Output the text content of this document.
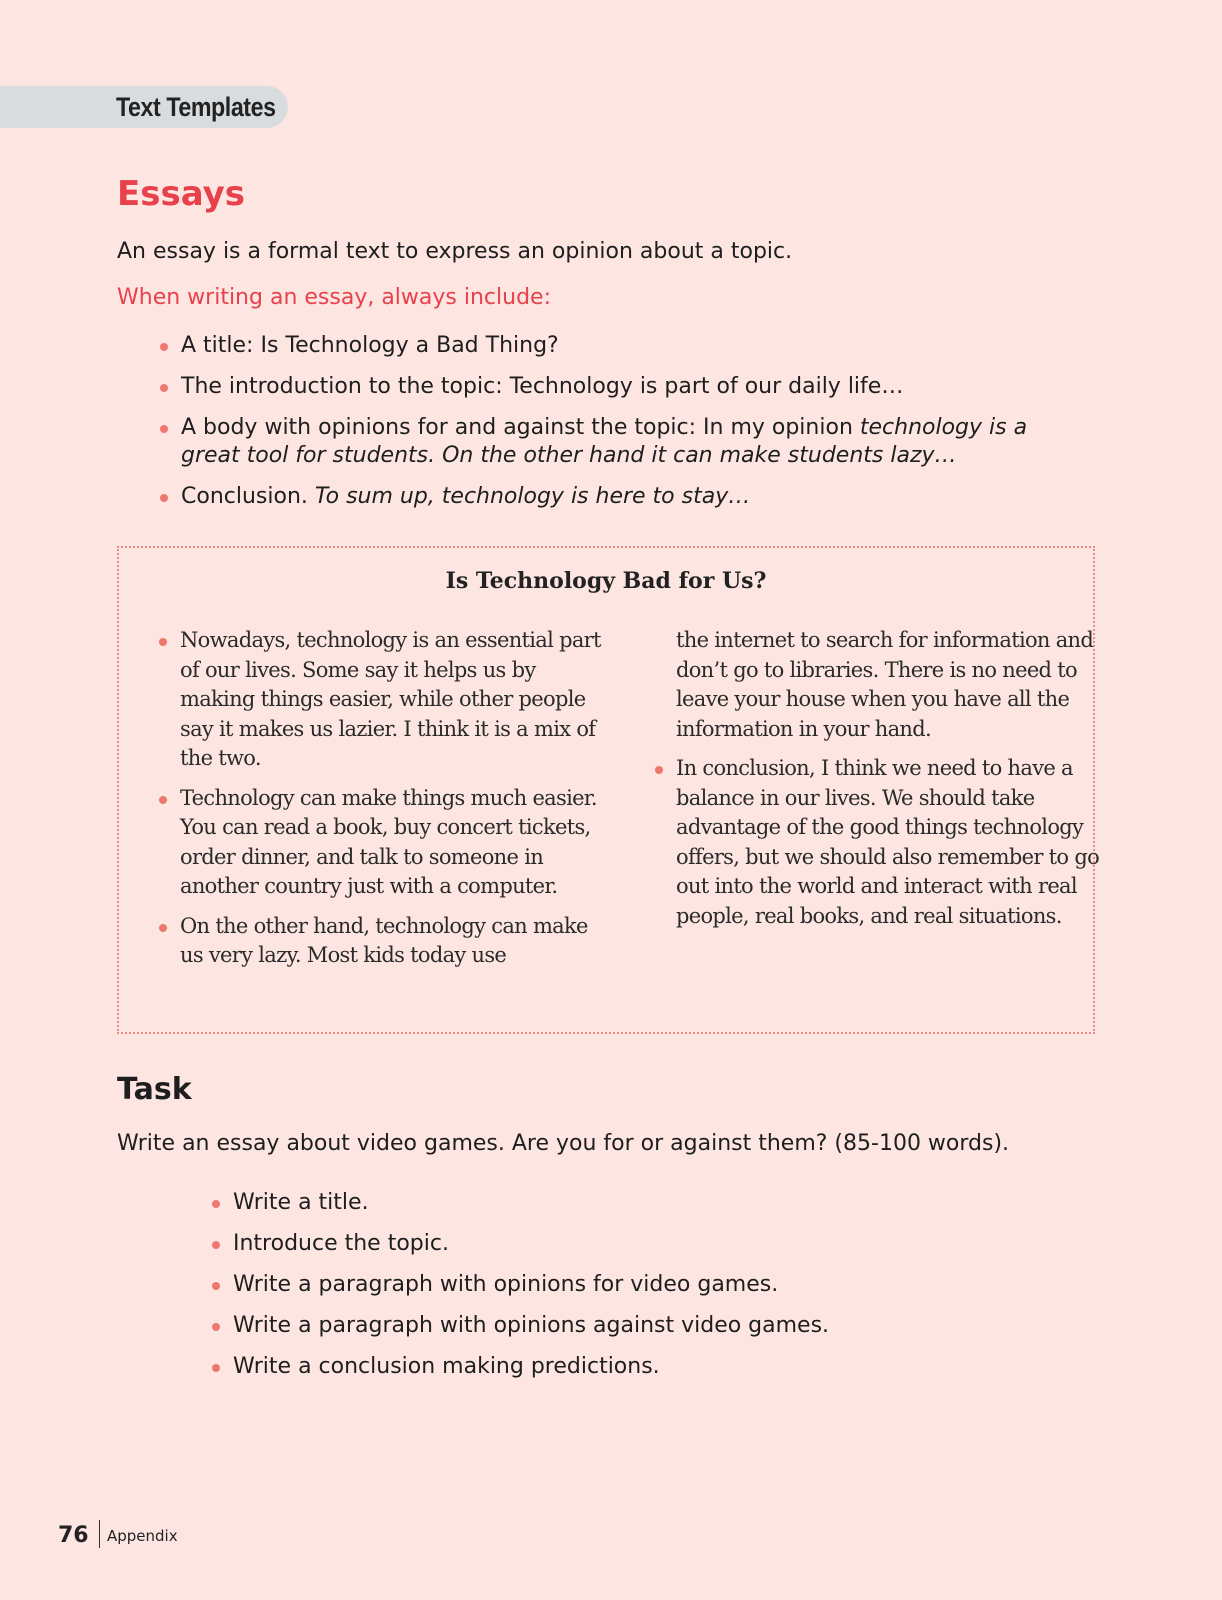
Text Templates
Essays

An essay is a formal text to express an opinion about a topic.

When writing an essay, always include:

A title: Is Technology a Bad Thing?
The introduction to the topic: Technology is part of our daily life…
A body with opinions for and against the topic: In my opinion technology is a great tool for students. On the other hand it can make students lazy…
Conclusion. To sum up, technology is here to stay…
Is Technology Bad for Us?
Nowadays, technology is an essential part of our lives. Some say it helps us by making things easier, while other people say it makes us lazier. I think it is a mix of the two.
Technology can make things much easier. You can read a book, buy concert tickets, order dinner, and talk to someone in another country just with a computer.
On the other hand, technology can make us very lazy. Most kids today use
the internet to search for information and don’t go to libraries. There is no need to leave your house when you have all the information in your hand.
In conclusion, I think we need to have a balance in our lives. We should take advantage of the good things technology offers, but we should also remember to go out into the world and interact with real people, real books, and real situations.
Task

Write an essay about video games. Are you for or against them? (85-100 words).

Write a title.
Introduce the topic.
Write a paragraph with opinions for video games.
Write a paragraph with opinions against video games.
Write a conclusion making predictions.
76 Appendix
